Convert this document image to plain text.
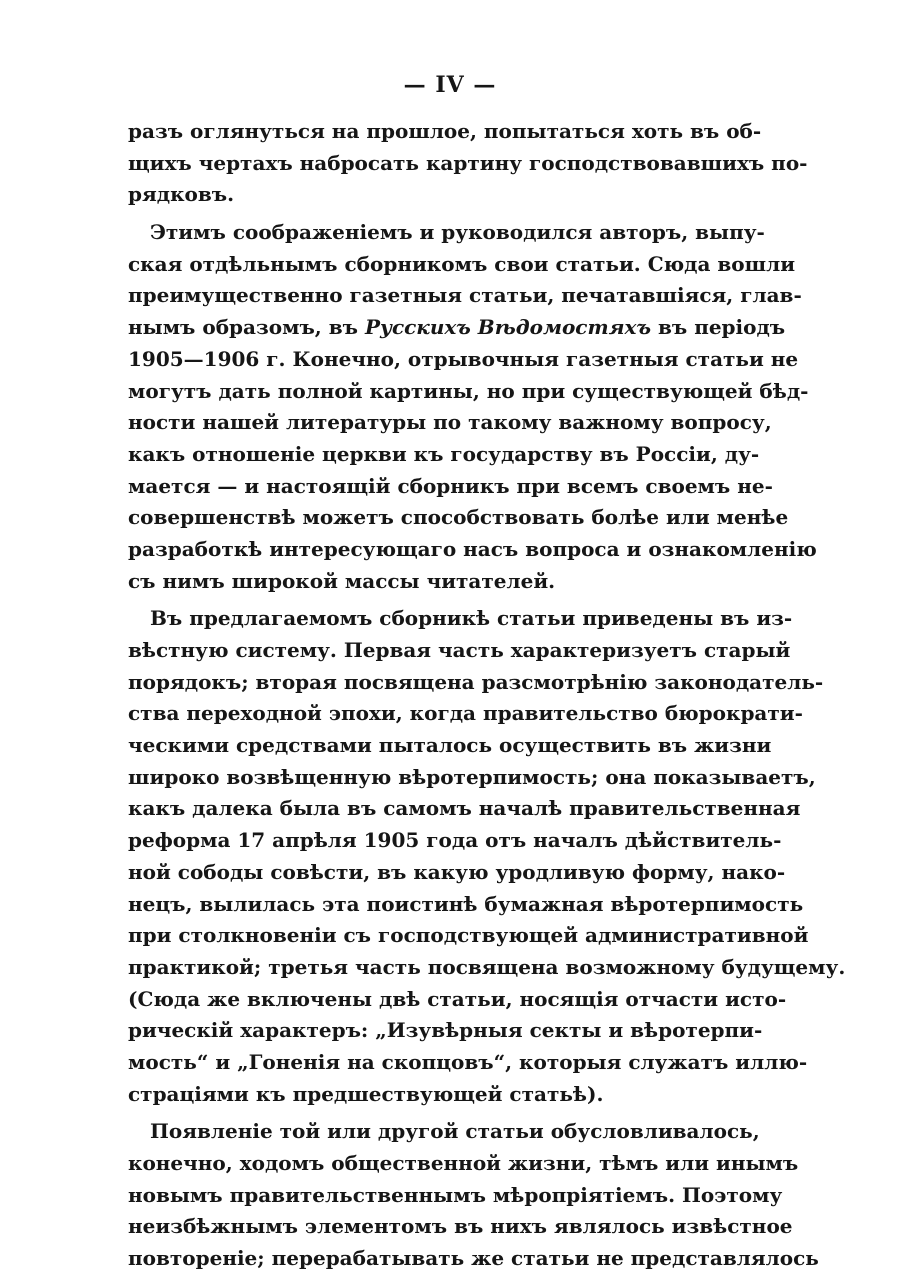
— IV —
разъ оглянуться на прошлое, попытаться хоть въ об-
щихъ чертахъ набросать картину господствовавшихъ по-
рядковъ.
Этимъ соображенiемъ и руководился авторъ, выпу-
ская отдѣльнымъ сборникомъ свои статьи. Сюда вошли
преимущественно газетныя статьи, печатавшiяся, глав-
нымъ образомъ, въ Русскихъ Вѣдомостяхъ въ перiодъ
1905—1906 г. Конечно, отрывочныя газетныя статьи не
могутъ дать полной картины, но при существующей бѣд-
ности нашей литературы по такому важному вопросу,
какъ отношенiе церкви къ государству въ Россiи, ду-
мается — и настоящiй сборникъ при всемъ своемъ не-
совершенствѣ можетъ способствовать болѣе или менѣе
разработкѣ интересующаго насъ вопроса и ознакомленiю
съ нимъ широкой массы читателей.
Въ предлагаемомъ сборникѣ статьи приведены въ из-
вѣстную систему. Первая часть характеризуетъ старый
порядокъ; вторая посвящена разсмотрѣнiю законодатель-
ства переходной эпохи, когда правительство бюрократи-
ческими средствами пыталось осуществить въ жизни
широко возвѣщенную вѣротерпимость; она показываетъ,
какъ далека была въ самомъ началѣ правительственная
реформа 17 апрѣля 1905 года отъ началъ дѣйствитель-
ной сободы совѣсти, въ какую уродливую форму, нако-
нецъ, вылилась эта поистинѣ бумажная вѣротерпимость
при столкновенiи съ господствующей административной
практикой; третья часть посвящена возможному будущему.
(Сюда же включены двѣ статьи, носящiя отчасти исто-
рическiй характеръ: „Изувѣрныя секты и вѣротерпи-
мость“ и „Гоненiя на скопцовъ“, которыя служатъ иллю-
страцiями къ предшествующей статьѣ).
Появленiе той или другой статьи обусловливалось,
конечно, ходомъ общественной жизни, тѣмъ или инымъ
новымъ правительственнымъ мѣропрiятiемъ. Поэтому
неизбѣжнымъ элементомъ въ нихъ являлось извѣстное
повторенiе; перерабатывать же статьи не представлялось
